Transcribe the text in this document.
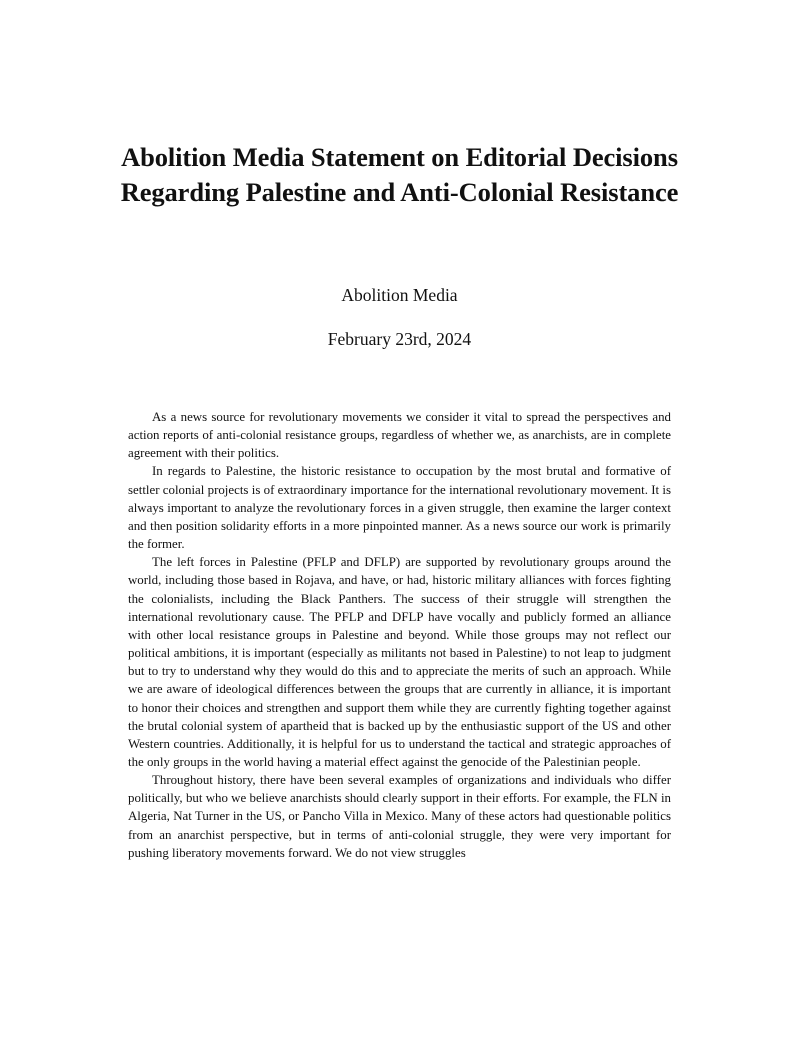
Abolition Media Statement on Editorial Decisions Regarding Palestine and Anti-Colonial Resistance
Abolition Media
February 23rd, 2024

As a news source for revolutionary movements we consider it vital to spread the perspectives and action reports of anti-colonial resistance groups, regardless of whether we, as anarchists, are in complete agreement with their politics.

In regards to Palestine, the historic resistance to occupation by the most brutal and formative of settler colonial projects is of extraordinary importance for the international revolutionary movement. It is always important to analyze the revolutionary forces in a given struggle, then examine the larger context and then position solidarity efforts in a more pinpointed manner. As a news source our work is primarily the former.

The left forces in Palestine (PFLP and DFLP) are supported by revolutionary groups around the world, including those based in Rojava, and have, or had, historic military alliances with forces fighting the colonialists, including the Black Panthers. The success of their struggle will strengthen the international revolutionary cause. The PFLP and DFLP have vocally and publicly formed an alliance with other local resistance groups in Palestine and beyond. While those groups may not reflect our political ambitions, it is important (especially as militants not based in Palestine) to not leap to judgment but to try to understand why they would do this and to appreciate the merits of such an approach. While we are aware of ideological differences between the groups that are currently in alliance, it is important to honor their choices and strengthen and support them while they are currently fighting together against the brutal colonial system of apartheid that is backed up by the enthusiastic support of the US and other Western countries. Additionally, it is helpful for us to understand the tactical and strategic approaches of the only groups in the world having a material effect against the genocide of the Palestinian people.

Throughout history, there have been several examples of organizations and individuals who differ politically, but who we believe anarchists should clearly support in their efforts. For example, the FLN in Algeria, Nat Turner in the US, or Pancho Villa in Mexico. Many of these actors had questionable politics from an anarchist perspective, but in terms of anti-colonial struggle, they were very important for pushing liberatory movements forward. We do not view struggles
